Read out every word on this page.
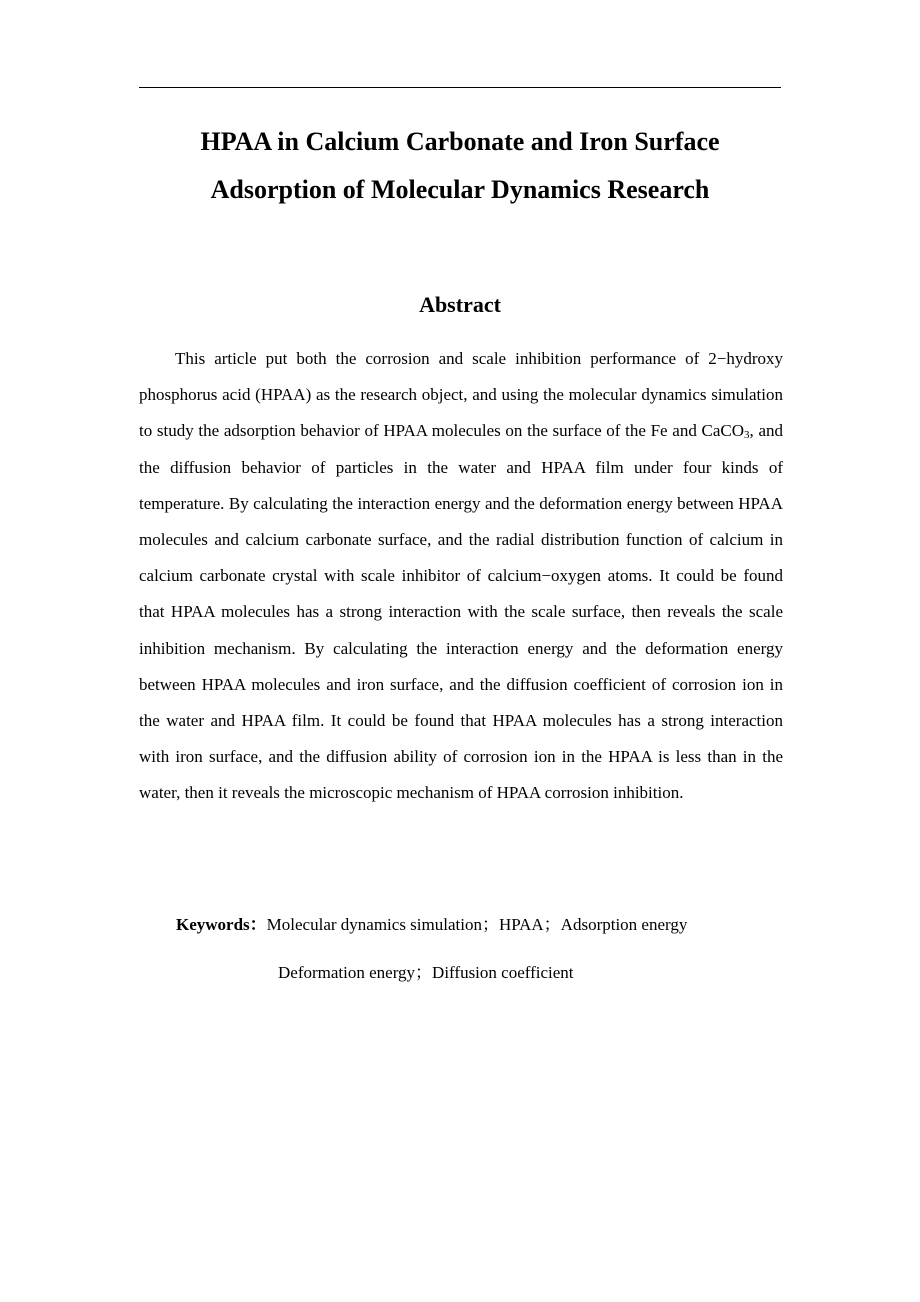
HPAA in Calcium Carbonate and Iron Surface
Adsorption of Molecular Dynamics Research
Abstract

This article put both the corrosion and scale inhibition performance of 2−hydroxy phosphorus acid (HPAA) as the research object, and using the molecular dynamics simulation to study the adsorption behavior of HPAA molecules on the surface of the Fe and CaCO$_3$, and the diffusion behavior of particles in the water and HPAA film under four kinds of temperature. By calculating the interaction energy and the deformation energy between HPAA molecules and calcium carbonate surface, and the radial distribution function of calcium in calcium carbonate crystal with scale inhibitor of calcium−oxygen atoms. It could be found that HPAA molecules has a strong interaction with the scale surface, then reveals the scale inhibition mechanism. By calculating the interaction energy and the deformation energy between HPAA molecules and iron surface, and the diffusion coefficient of corrosion ion in the water and HPAA film. It could be found that HPAA molecules has a strong interaction with iron surface, and the diffusion ability of corrosion ion in the HPAA is less than in the water, then it reveals the microscopic mechanism of HPAA corrosion inhibition.

Keywords：Molecular dynamics simulation；HPAA；Adsorption energy
Deformation energy；Diffusion coefficient
